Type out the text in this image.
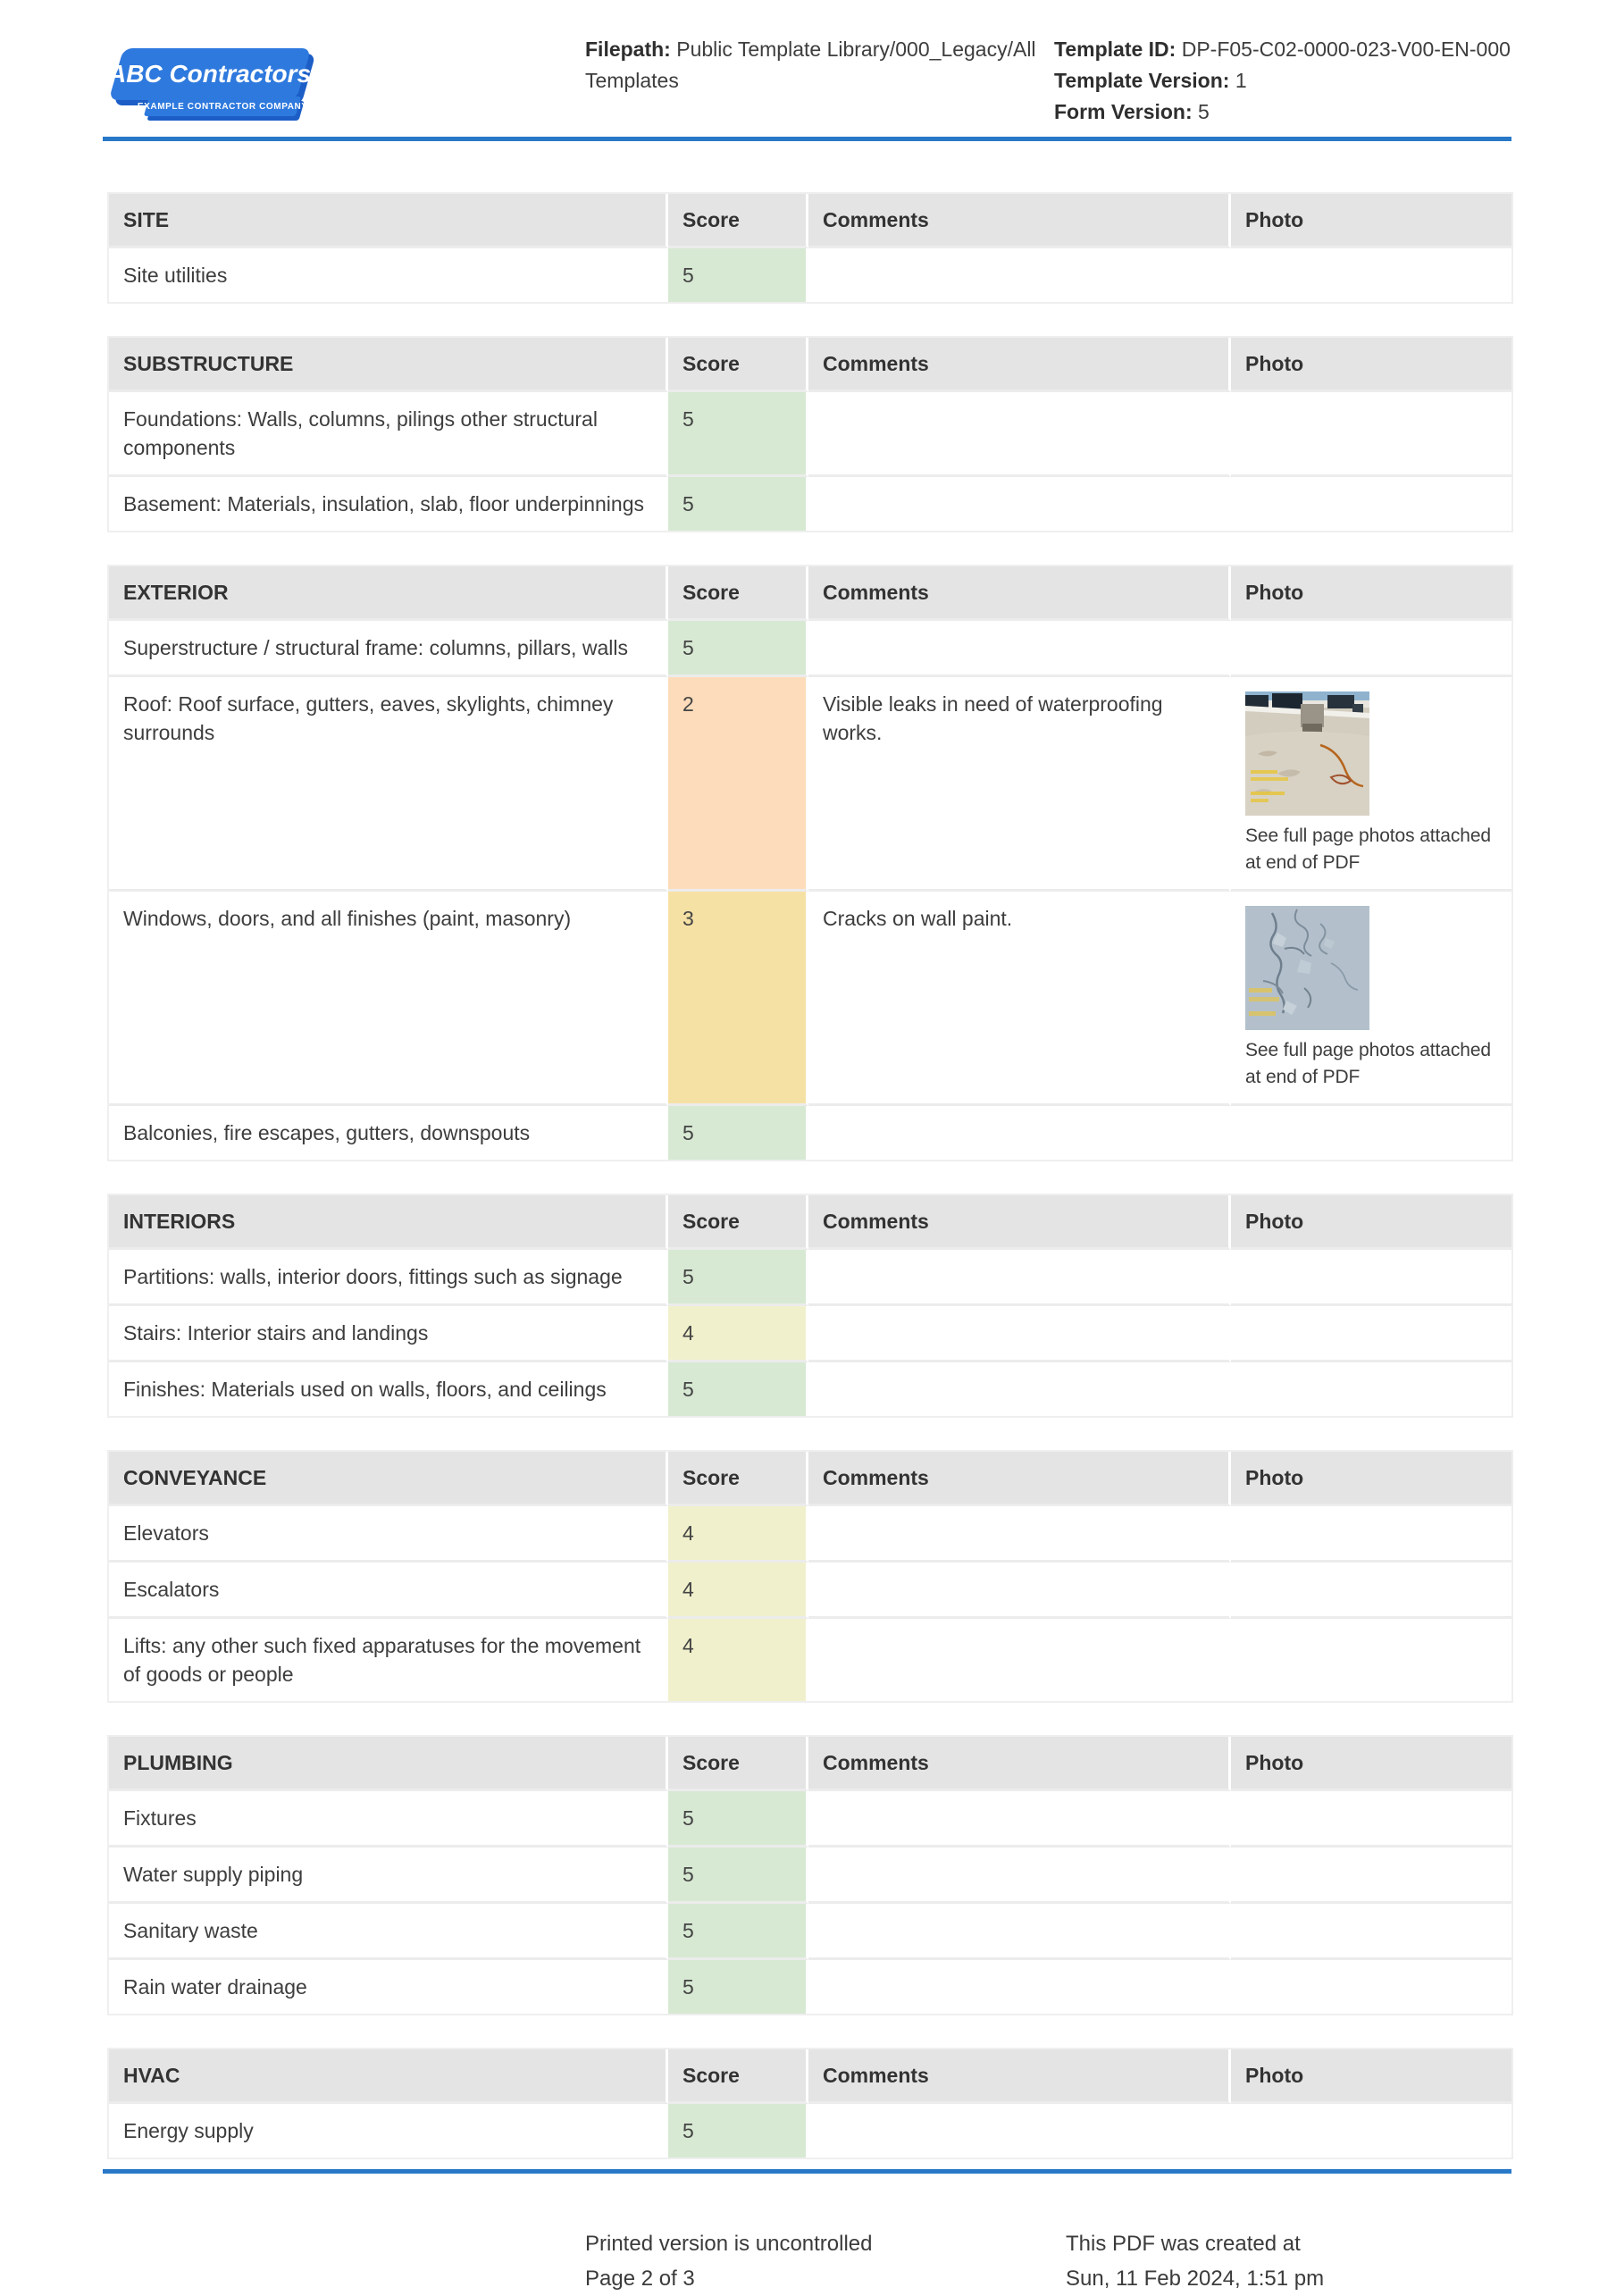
ABC Contractors
EXAMPLE CONTRACTOR COMPANY
Filepath: Public Template Library/000_Legacy/All Templates
Template ID: DP-F05-C02-0000-023-V00-EN-000
Template Version: 1
Form Version: 5
SITE	Score	Comments	Photo
Site utilities	5		
SUBSTRUCTURE	Score	Comments	Photo
Foundations: Walls, columns, pilings other structural components	5		
Basement: Materials, insulation, slab, floor underpinnings	5		
EXTERIOR	Score	Comments	Photo
Superstructure / structural frame: columns, pillars, walls	5		
Roof: Roof surface, gutters, eaves, skylights, chimney surrounds	2	Visible leaks in need of waterproofing works.	See full page photos attached at end of PDF

Windows, doors, and all finishes (paint, masonry)	3	Cracks on wall paint.	See full page photos attached at end of PDF

Balconies, fire escapes, gutters, downspouts	5		
INTERIORS	Score	Comments	Photo
Partitions: walls, interior doors, fittings such as signage	5		
Stairs: Interior stairs and landings	4		
Finishes: Materials used on walls, floors, and ceilings	5		
CONVEYANCE	Score	Comments	Photo
Elevators	4		
Escalators	4		
Lifts: any other such fixed apparatuses for the movement of goods or people	4		
PLUMBING	Score	Comments	Photo
Fixtures	5		
Water supply piping	5		
Sanitary waste	5		
Rain water drainage	5		
HVAC	Score	Comments	Photo
Energy supply	5		
Printed version is uncontrolled
Page 2 of 3
This PDF was created at
Sun, 11 Feb 2024, 1:51 pm
